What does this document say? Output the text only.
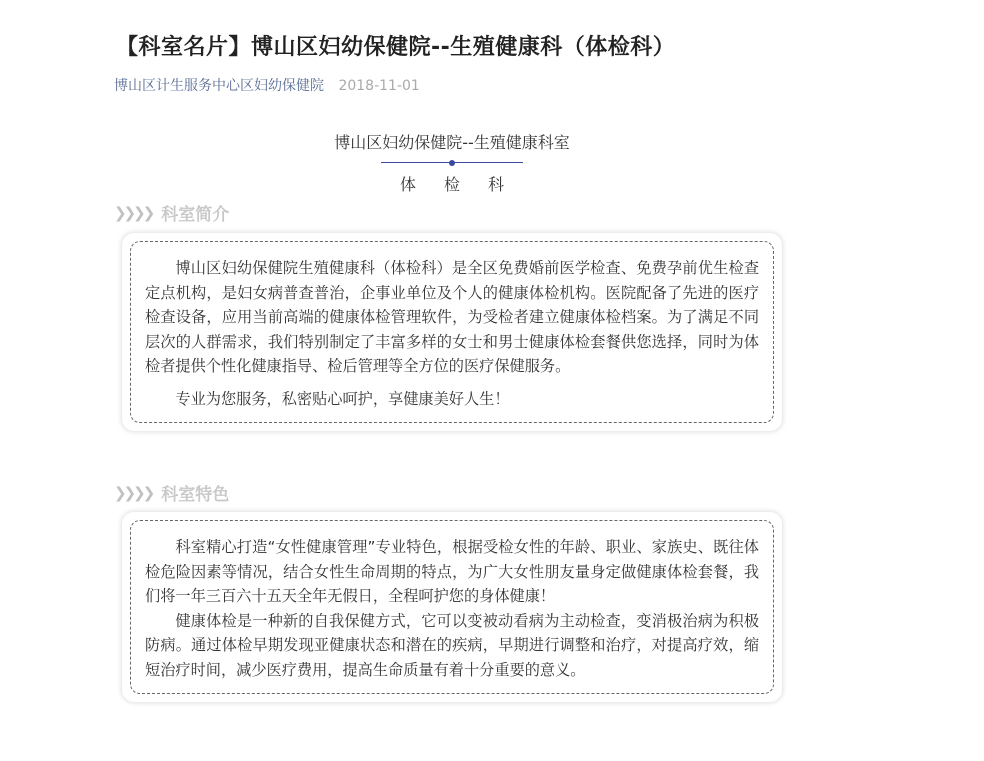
【科室名片】博山区妇幼保健院--生殖健康科（体检科）
博山区计生服务中心区妇幼保健院 2018-11-01
博山区妇幼保健院--生殖健康科室
体检科
❯❯❯❯ 科室简介

博山区妇幼保健院生殖健康科（体检科）是全区免费婚前医学检查、免费孕前优生检查定点机构，是妇女病普查普治，企事业单位及个人的健康体检机构。医院配备了先进的医疗检查设备，应用当前高端的健康体检管理软件，为受检者建立健康体检档案。为了满足不同层次的人群需求，我们特别制定了丰富多样的女士和男士健康体检套餐供您选择，同时为体检者提供个性化健康指导、检后管理等全方位的医疗保健服务。

专业为您服务，私密贴心呵护，享健康美好人生！

❯❯❯❯ 科室特色

科室精心打造“女性健康管理”专业特色，根据受检女性的年龄、职业、家族史、既往体检危险因素等情况，结合女性生命周期的特点，为广大女性朋友量身定做健康体检套餐，我们将一年三百六十五天全年无假日，全程呵护您的身体健康！

健康体检是一种新的自我保健方式，它可以变被动看病为主动检查，变消极治病为积极防病。通过体检早期发现亚健康状态和潜在的疾病，早期进行调整和治疗，对提高疗效，缩短治疗时间，减少医疗费用，提高生命质量有着十分重要的意义。
